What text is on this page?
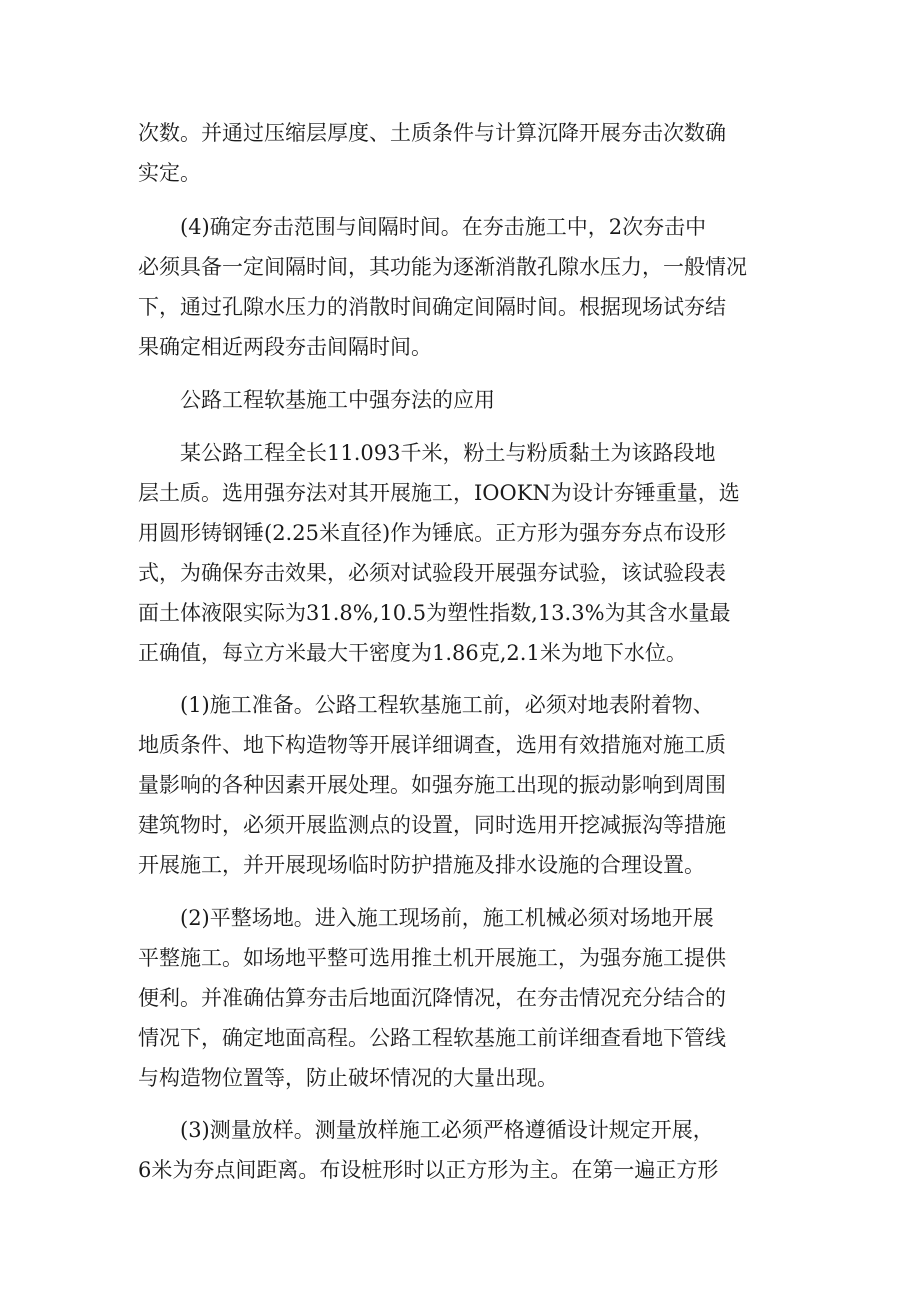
次数。并通过压缩层厚度、土质条件与计算沉降开展夯击次数确

实定。

(4)确定夯击范围与间隔时间。在夯击施工中，2次夯击中

必须具备一定间隔时间，其功能为逐渐消散孔隙水压力，一般情况

下，通过孔隙水压力的消散时间确定间隔时间。根据现场试夯结

果确定相近两段夯击间隔时间。

公路工程软基施工中强夯法的应用

某公路工程全长11.093千米，粉土与粉质黏土为该路段地

层土质。选用强夯法对其开展施工，IOOKN为设计夯锤重量，选

用圆形铸钢锤(2.25米直径)作为锤底。正方形为强夯夯点布设形

式，为确保夯击效果，必须对试验段开展强夯试验，该试验段表

面土体液限实际为31.8%,10.5为塑性指数,13.3%为其含水量最

正确值，每立方米最大干密度为1.86克,2.1米为地下水位。

(1)施工准备。公路工程软基施工前，必须对地表附着物、

地质条件、地下构造物等开展详细调查，选用有效措施对施工质

量影响的各种因素开展处理。如强夯施工出现的振动影响到周围

建筑物时，必须开展监测点的设置，同时选用开挖减振沟等措施

开展施工，并开展现场临时防护措施及排水设施的合理设置。

(2)平整场地。进入施工现场前，施工机械必须对场地开展

平整施工。如场地平整可选用推土机开展施工，为强夯施工提供

便利。并准确估算夯击后地面沉降情况，在夯击情况充分结合的

情况下，确定地面高程。公路工程软基施工前详细查看地下管线

与构造物位置等，防止破坏情况的大量出现。

(3)测量放样。测量放样施工必须严格遵循设计规定开展，

6米为夯点间距离。布设桩形时以正方形为主。在第一遍正方形
